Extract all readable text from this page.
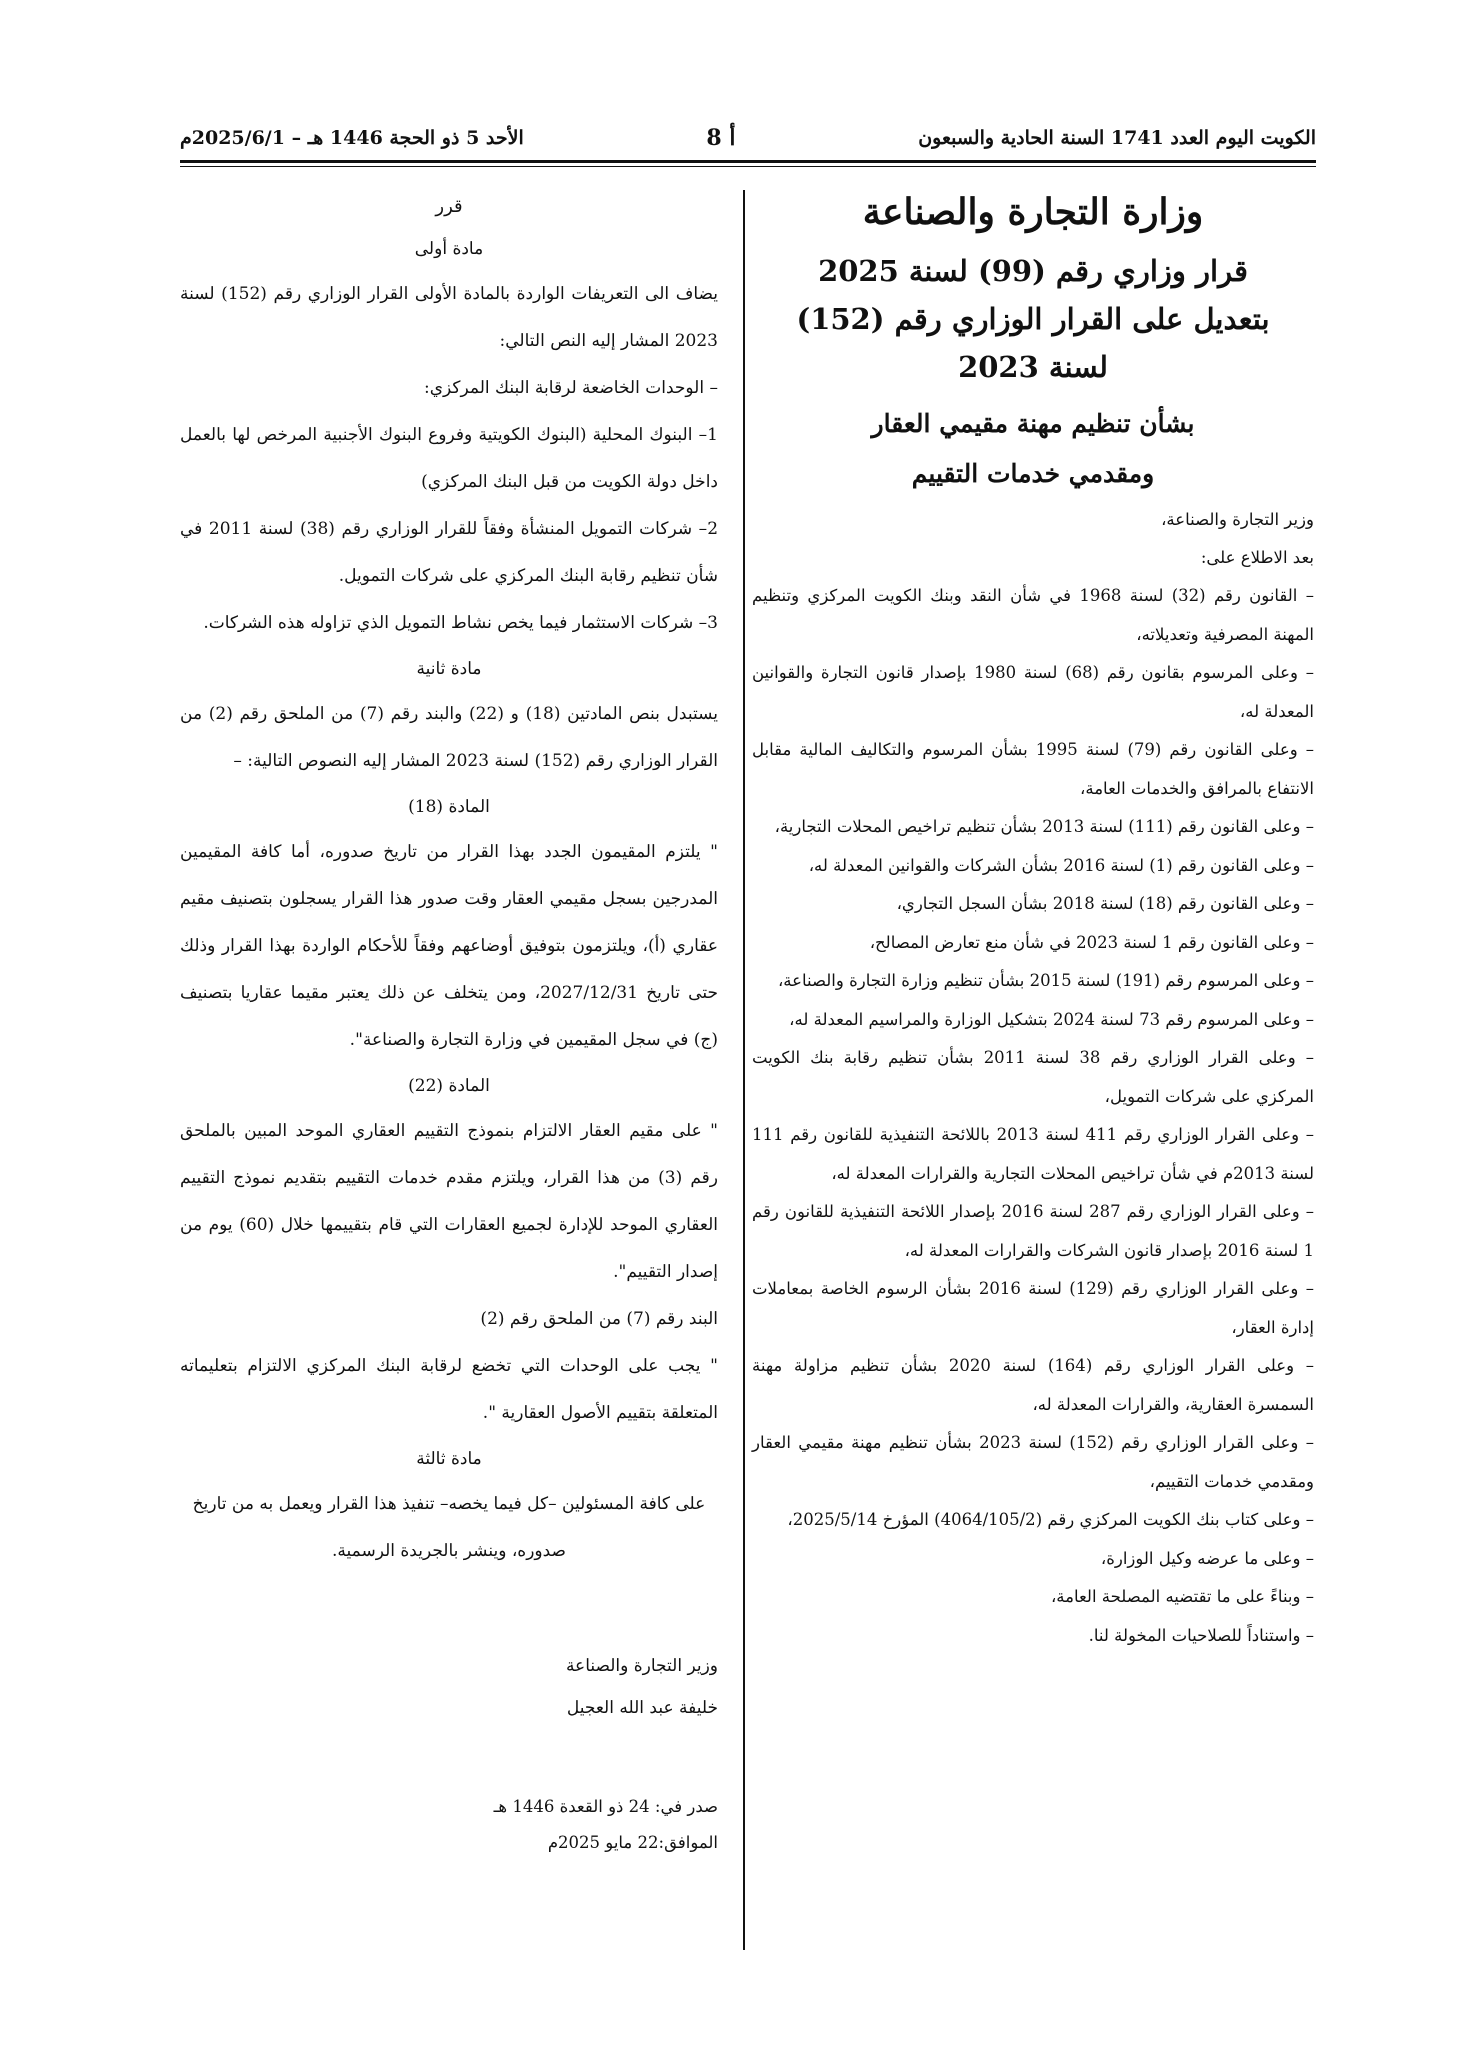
الكويت اليوم العدد 1741 السنة الحادية والسبعون
أ 8
الأحد 5 ذو الحجة 1446 هـ – 2025/6/1م
وزارة التجارة والصناعة

قرار وزاري رقم (99) لسنة 2025

بتعديل على القرار الوزاري رقم (152)

لسنة 2023

بشأن تنظيم مهنة مقيمي العقار

ومقدمي خدمات التقييم

وزير التجارة والصناعة،

بعد الاطلاع على:

– القانون رقم (32) لسنة 1968 في شأن النقد وبنك الكويت المركزي وتنظيم المهنة المصرفية وتعديلاته،

– وعلى المرسوم بقانون رقم (68) لسنة 1980 بإصدار قانون التجارة والقوانين المعدلة له،

– وعلى القانون رقم (79) لسنة 1995 بشأن المرسوم والتكاليف المالية مقابل الانتفاع بالمرافق والخدمات العامة،

– وعلى القانون رقم (111) لسنة 2013 بشأن تنظيم تراخيص المحلات التجارية،

– وعلى القانون رقم (1) لسنة 2016 بشأن الشركات والقوانين المعدلة له،

– وعلى القانون رقم (18) لسنة 2018 بشأن السجل التجاري،

– وعلى القانون رقم 1 لسنة 2023 في شأن منع تعارض المصالح،

– وعلى المرسوم رقم (191) لسنة 2015 بشأن تنظيم وزارة التجارة والصناعة،

– وعلى المرسوم رقم 73 لسنة 2024 بتشكيل الوزارة والمراسيم المعدلة له،

– وعلى القرار الوزاري رقم 38 لسنة 2011 بشأن تنظيم رقابة بنك الكويت المركزي على شركات التمويل،

– وعلى القرار الوزاري رقم 411 لسنة 2013 باللائحة التنفيذية للقانون رقم 111 لسنة 2013م في شأن تراخيص المحلات التجارية والقرارات المعدلة له،

– وعلى القرار الوزاري رقم 287 لسنة 2016 بإصدار اللائحة التنفيذية للقانون رقم 1 لسنة 2016 بإصدار قانون الشركات والقرارات المعدلة له،

– وعلى القرار الوزاري رقم (129) لسنة 2016 بشأن الرسوم الخاصة بمعاملات إدارة العقار،

– وعلى القرار الوزاري رقم (164) لسنة 2020 بشأن تنظيم مزاولة مهنة السمسرة العقارية، والقرارات المعدلة له،

– وعلى القرار الوزاري رقم (152) لسنة 2023 بشأن تنظيم مهنة مقيمي العقار ومقدمي خدمات التقييم،

– وعلى كتاب بنك الكويت المركزي رقم (4064/105/2) المؤرخ 2025/5/14،

– وعلى ما عرضه وكيل الوزارة،

– وبناءً على ما تقتضيه المصلحة العامة،

– واستناداً للصلاحيات المخولة لنا.

قرر

مادة أولى

يضاف الى التعريفات الواردة بالمادة الأولى القرار الوزاري رقم (152) لسنة 2023 المشار إليه النص التالي:

– الوحدات الخاضعة لرقابة البنك المركزي:

1– البنوك المحلية (البنوك الكويتية وفروع البنوك الأجنبية المرخص لها بالعمل داخل دولة الكويت من قبل البنك المركزي)

2– شركات التمويل المنشأة وفقاً للقرار الوزاري رقم (38) لسنة 2011 في شأن تنظيم رقابة البنك المركزي على شركات التمويل.

3– شركات الاستثمار فيما يخص نشاط التمويل الذي تزاوله هذه الشركات.

مادة ثانية

يستبدل بنص المادتين (18) و (22) والبند رقم (7) من الملحق رقم (2) من القرار الوزاري رقم (152) لسنة 2023 المشار إليه النصوص التالية: –

المادة (18)

" يلتزم المقيمون الجدد بهذا القرار من تاريخ صدوره، أما كافة المقيمين المدرجين بسجل مقيمي العقار وقت صدور هذا القرار يسجلون بتصنيف مقيم عقاري (أ)، ويلتزمون بتوفيق أوضاعهم وفقاً للأحكام الواردة بهذا القرار وذلك حتى تاريخ 2027/12/31، ومن يتخلف عن ذلك يعتبر مقيما عقاريا بتصنيف (ج) في سجل المقيمين في وزارة التجارة والصناعة".

المادة (22)

" على مقيم العقار الالتزام بنموذج التقييم العقاري الموحد المبين بالملحق رقم (3) من هذا القرار، ويلتزم مقدم خدمات التقييم بتقديم نموذج التقييم العقاري الموحد للإدارة لجميع العقارات التي قام بتقييمها خلال (60) يوم من إصدار التقييم".

البند رقم (7) من الملحق رقم (2)

" يجب على الوحدات التي تخضع لرقابة البنك المركزي الالتزام بتعليماته المتعلقة بتقييم الأصول العقارية ".

مادة ثالثة

على كافة المسئولين –كل فيما يخصه– تنفيذ هذا القرار ويعمل به من تاريخ صدوره، وينشر بالجريدة الرسمية.

وزير التجارة والصناعة

خليفة عبد الله العجيل

صدر في: 24 ذو القعدة 1446 هـ

الموافق:22 مايو 2025م
